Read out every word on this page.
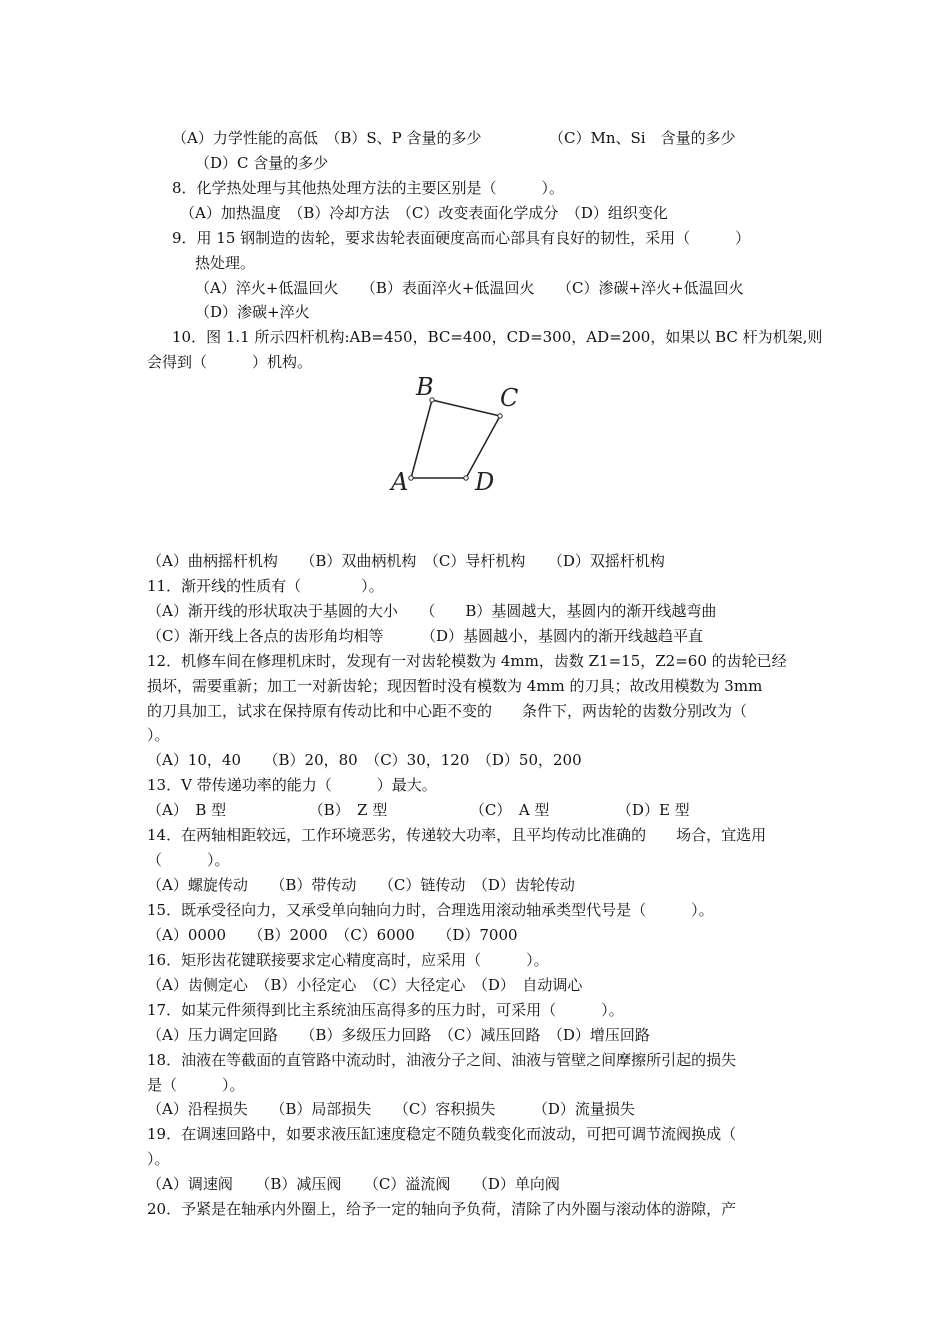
（A）力学性能的高低　（B）S、P 含量的多少　　　　　（C）Mn、Si　含量的多少
（D）C 含量的多少
8．化学热处理与其他热处理方法的主要区别是（　　　）。
（A）加热温度　（B）冷却方法　（C）改变表面化学成分　（D）组织变化
9．用 15 钢制造的齿轮，要求齿轮表面硬度高而心部具有良好的韧性，采用（　　　）
热处理。
（A）淬火+低温回火　　（B）表面淬火+低温回火　　（C）渗碳+淬火+低温回火
（D）渗碳+淬火
10．图 1.1 所示四杆机构:AB=450，BC=400，CD=300，AD=200，如果以 BC 杆为机架,则
会得到（　　　）机构。
B	C
A	D
（A）曲柄摇杆机构　　（B）双曲柄机构　（C）导杆机构　　（D）双摇杆机构
11．渐开线的性质有（　　　　）。
（A）渐开线的形状取决于基圆的大小　　（　　B）基圆越大，基圆内的渐开线越弯曲
（C）渐开线上各点的齿形角均相等　　　（D）基圆越小，基圆内的渐开线越趋平直
12．机修车间在修理机床时，发现有一对齿轮模数为 4mm，齿数 Z1=15，Z2=60 的齿轮已经
损坏，需要重新；加工一对新齿轮；现因暂时没有模数为 4mm 的刀具；故改用模数为 3mm
的刀具加工，试求在保持原有传动比和中心距不变的　　条件下，两齿轮的齿数分别改为（
）。
（A）10，40　　（B）20，80　（C）30，120　（D）50，200
13．V 带传递功率的能力（　　　）最大。
（A）　B 型　　　　　　（B）　Z 型　　　　　　（C）　A 型　　　　　（D）E 型
14．在两轴相距较远，工作环境恶劣，传递较大功率，且平均传动比准确的　　场合，宜选用
（　　　）。
（A）螺旋传动　　（B）带传动　　（C）链传动　（D）齿轮传动
15．既承受径向力，又承受单向轴向力时，合理选用滚动轴承类型代号是（　　　）。
（A）0000　　（B）2000　（C）6000　　（D）7000
16．矩形齿花键联接要求定心精度高时，应采用（　　　）。
（A）齿侧定心　（B）小径定心　（C）大径定心　（D）　自动调心
17．如某元件须得到比主系统油压高得多的压力时，可采用（　　　）。
（A）压力调定回路　　（B）多级压力回路　（C）减压回路　（D）增压回路
18．油液在等截面的直管路中流动时，油液分子之间、油液与管壁之间摩擦所引起的损失
是（　　　）。
（A）沿程损失　　（B）局部损失　　（C）容积损失　　　（D）流量损失
19．在调速回路中，如要求液压缸速度稳定不随负载变化而波动，可把可调节流阀换成（
）。
（A）调速阀　　（B）减压阀　　（C）溢流阀　　（D）单向阀
20．予紧是在轴承内外圈上，给予一定的轴向予负荷，清除了内外圈与滚动体的游隙，产
